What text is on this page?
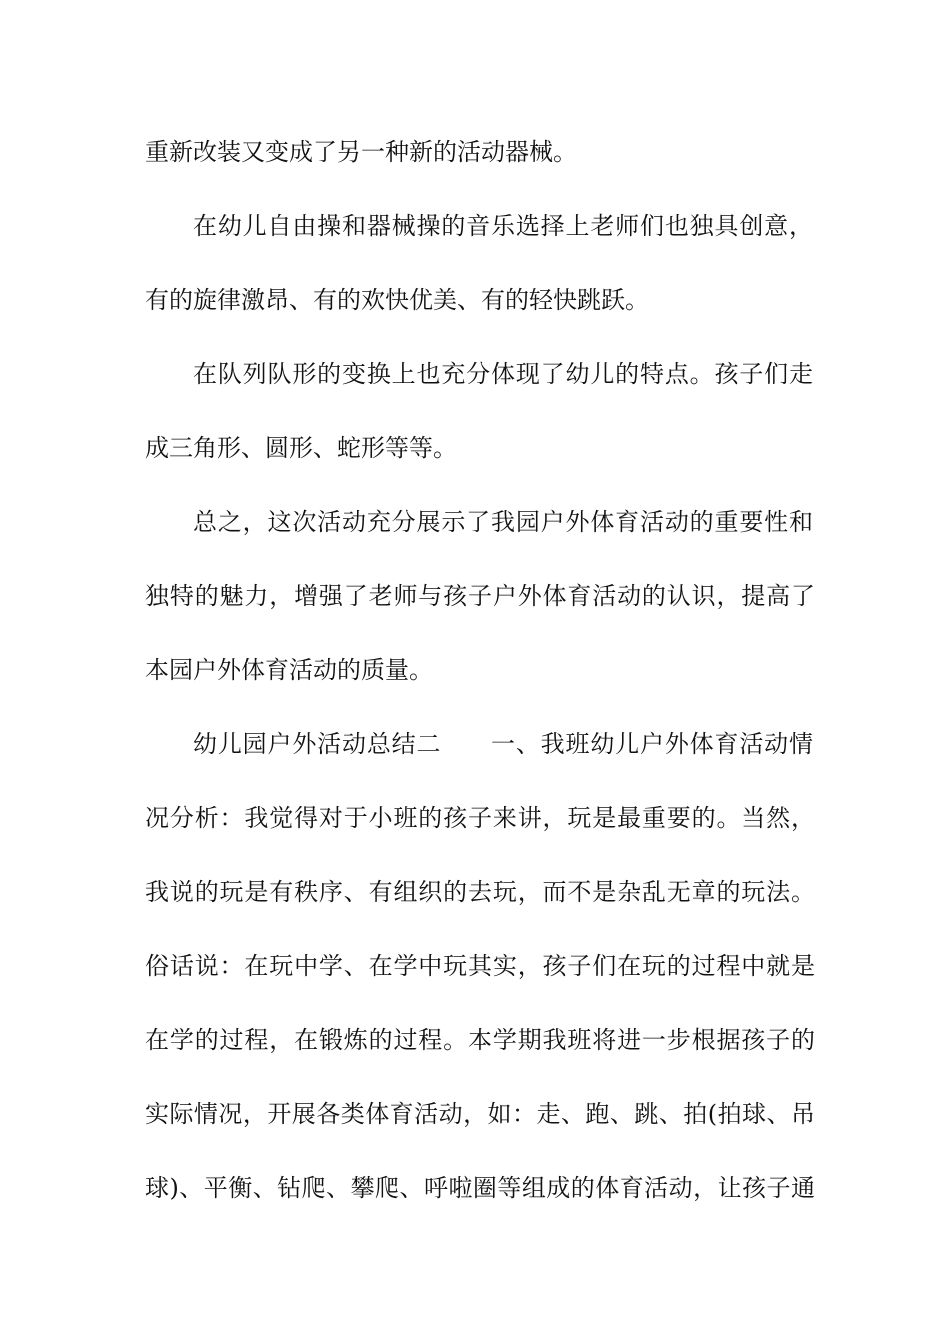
重新改装又变成了另一种新的活动器械。
在幼儿自由操和器械操的音乐选择上老师们也独具创意，
有的旋律激昂、有的欢快优美、有的轻快跳跃。
在队列队形的变换上也充分体现了幼儿的特点。孩子们走
成三角形、圆形、蛇形等等。
总之，这次活动充分展示了我园户外体育活动的重要性和
独特的魅力，增强了老师与孩子户外体育活动的认识，提高了
本园户外体育活动的质量。
幼儿园户外活动总结二　　一、我班幼儿户外体育活动情
况分析：我觉得对于小班的孩子来讲，玩是最重要的。当然，
我说的玩是有秩序、有组织的去玩，而不是杂乱无章的玩法。
俗话说：在玩中学、在学中玩其实，孩子们在玩的过程中就是
在学的过程，在锻炼的过程。本学期我班将进一步根据孩子的
实际情况，开展各类体育活动，如：走、跑、跳、拍(拍球、吊
球)、平衡、钻爬、攀爬、呼啦圈等组成的体育活动，让孩子通
